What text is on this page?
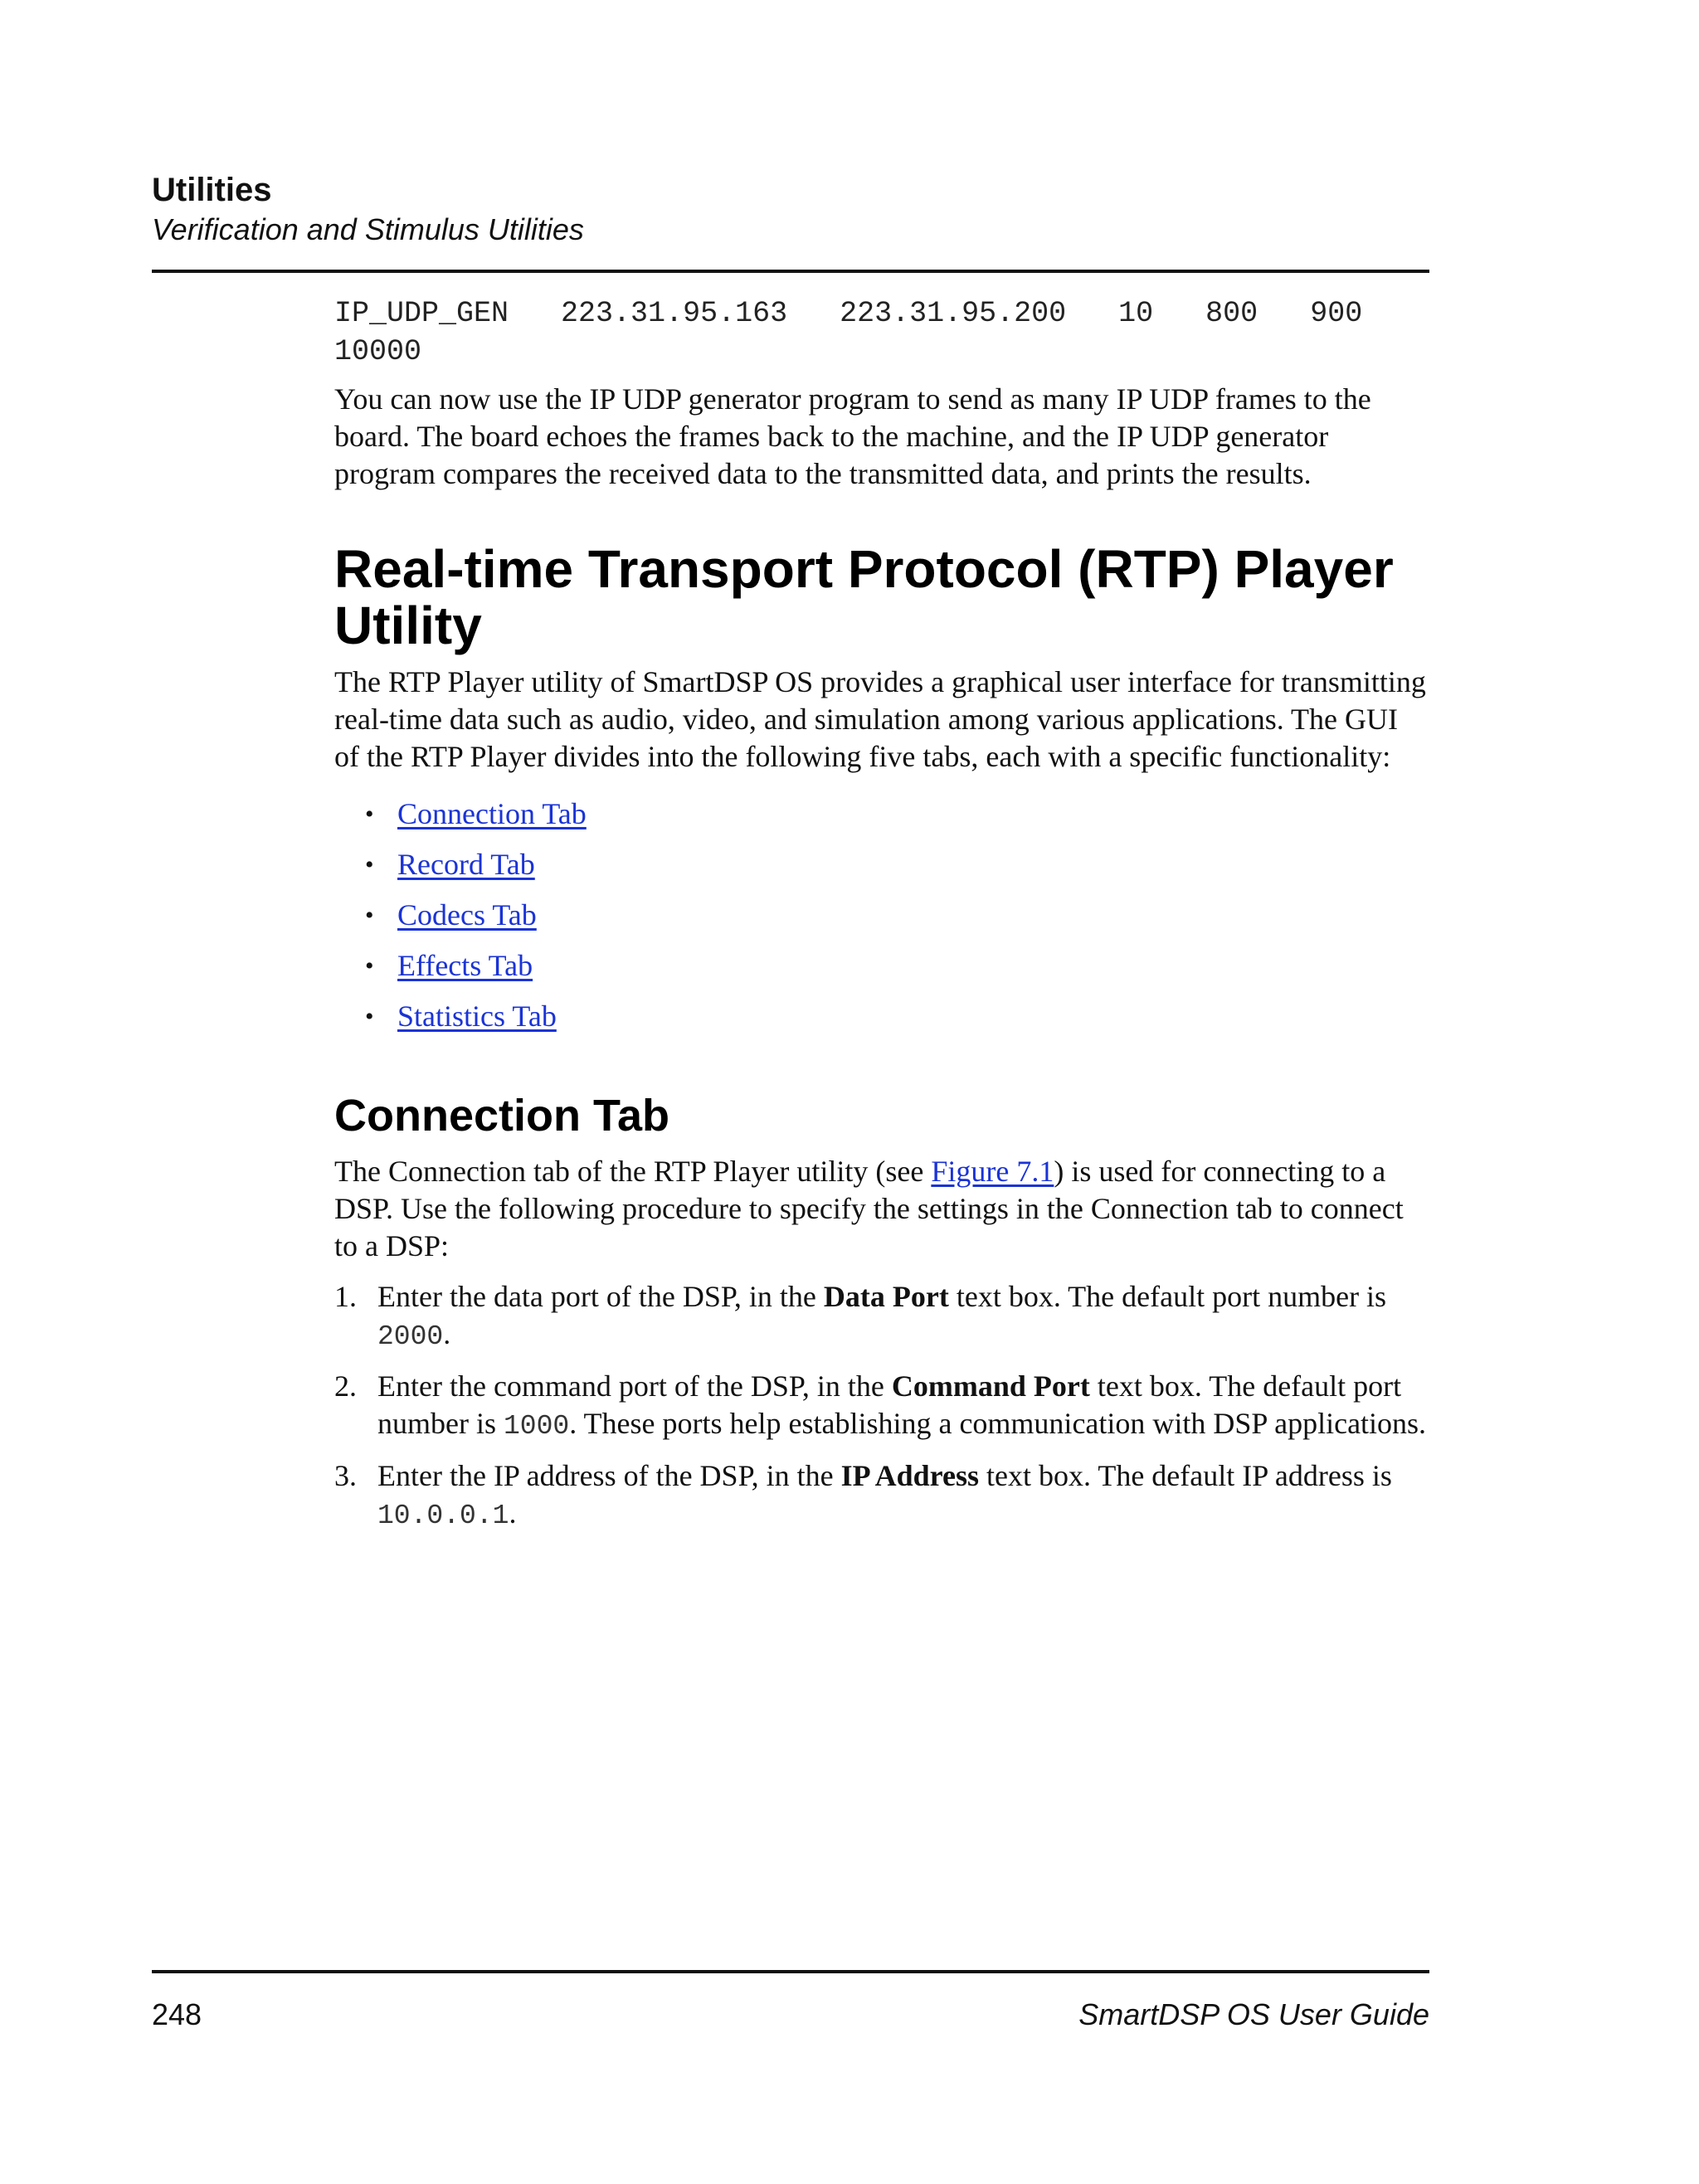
Utilities
Verification and Stimulus Utilities
IP_UDP_GEN   223.31.95.163   223.31.95.200   10   800   900
10000

You can now use the IP UDP generator program to send as many IP UDP frames to the board. The board echoes the frames back to the machine, and the IP UDP generator program compares the received data to the transmitted data, and prints the results.

Real-time Transport Protocol (RTP) Player
Utility

The RTP Player utility of SmartDSP OS provides a graphical user interface for transmitting real-time data such as audio, video, and simulation among various applications. The GUI of the RTP Player divides into the following five tabs, each with a specific functionality:

• Connection Tab
• Record Tab
• Codecs Tab
• Effects Tab
• Statistics Tab
Connection Tab

The Connection tab of the RTP Player utility (see Figure 7.1) is used for connecting to a DSP. Use the following procedure to specify the settings in the Connection tab to connect to a DSP:

1. Enter the data port of the DSP, in the Data Port text box. The default port number is 2000.
2. Enter the command port of the DSP, in the Command Port text box. The default port number is 1000. These ports help establishing a communication with DSP applications.
3. Enter the IP address of the DSP, in the IP Address text box. The default IP address is 10.0.0.1.
248	SmartDSP OS User Guide
